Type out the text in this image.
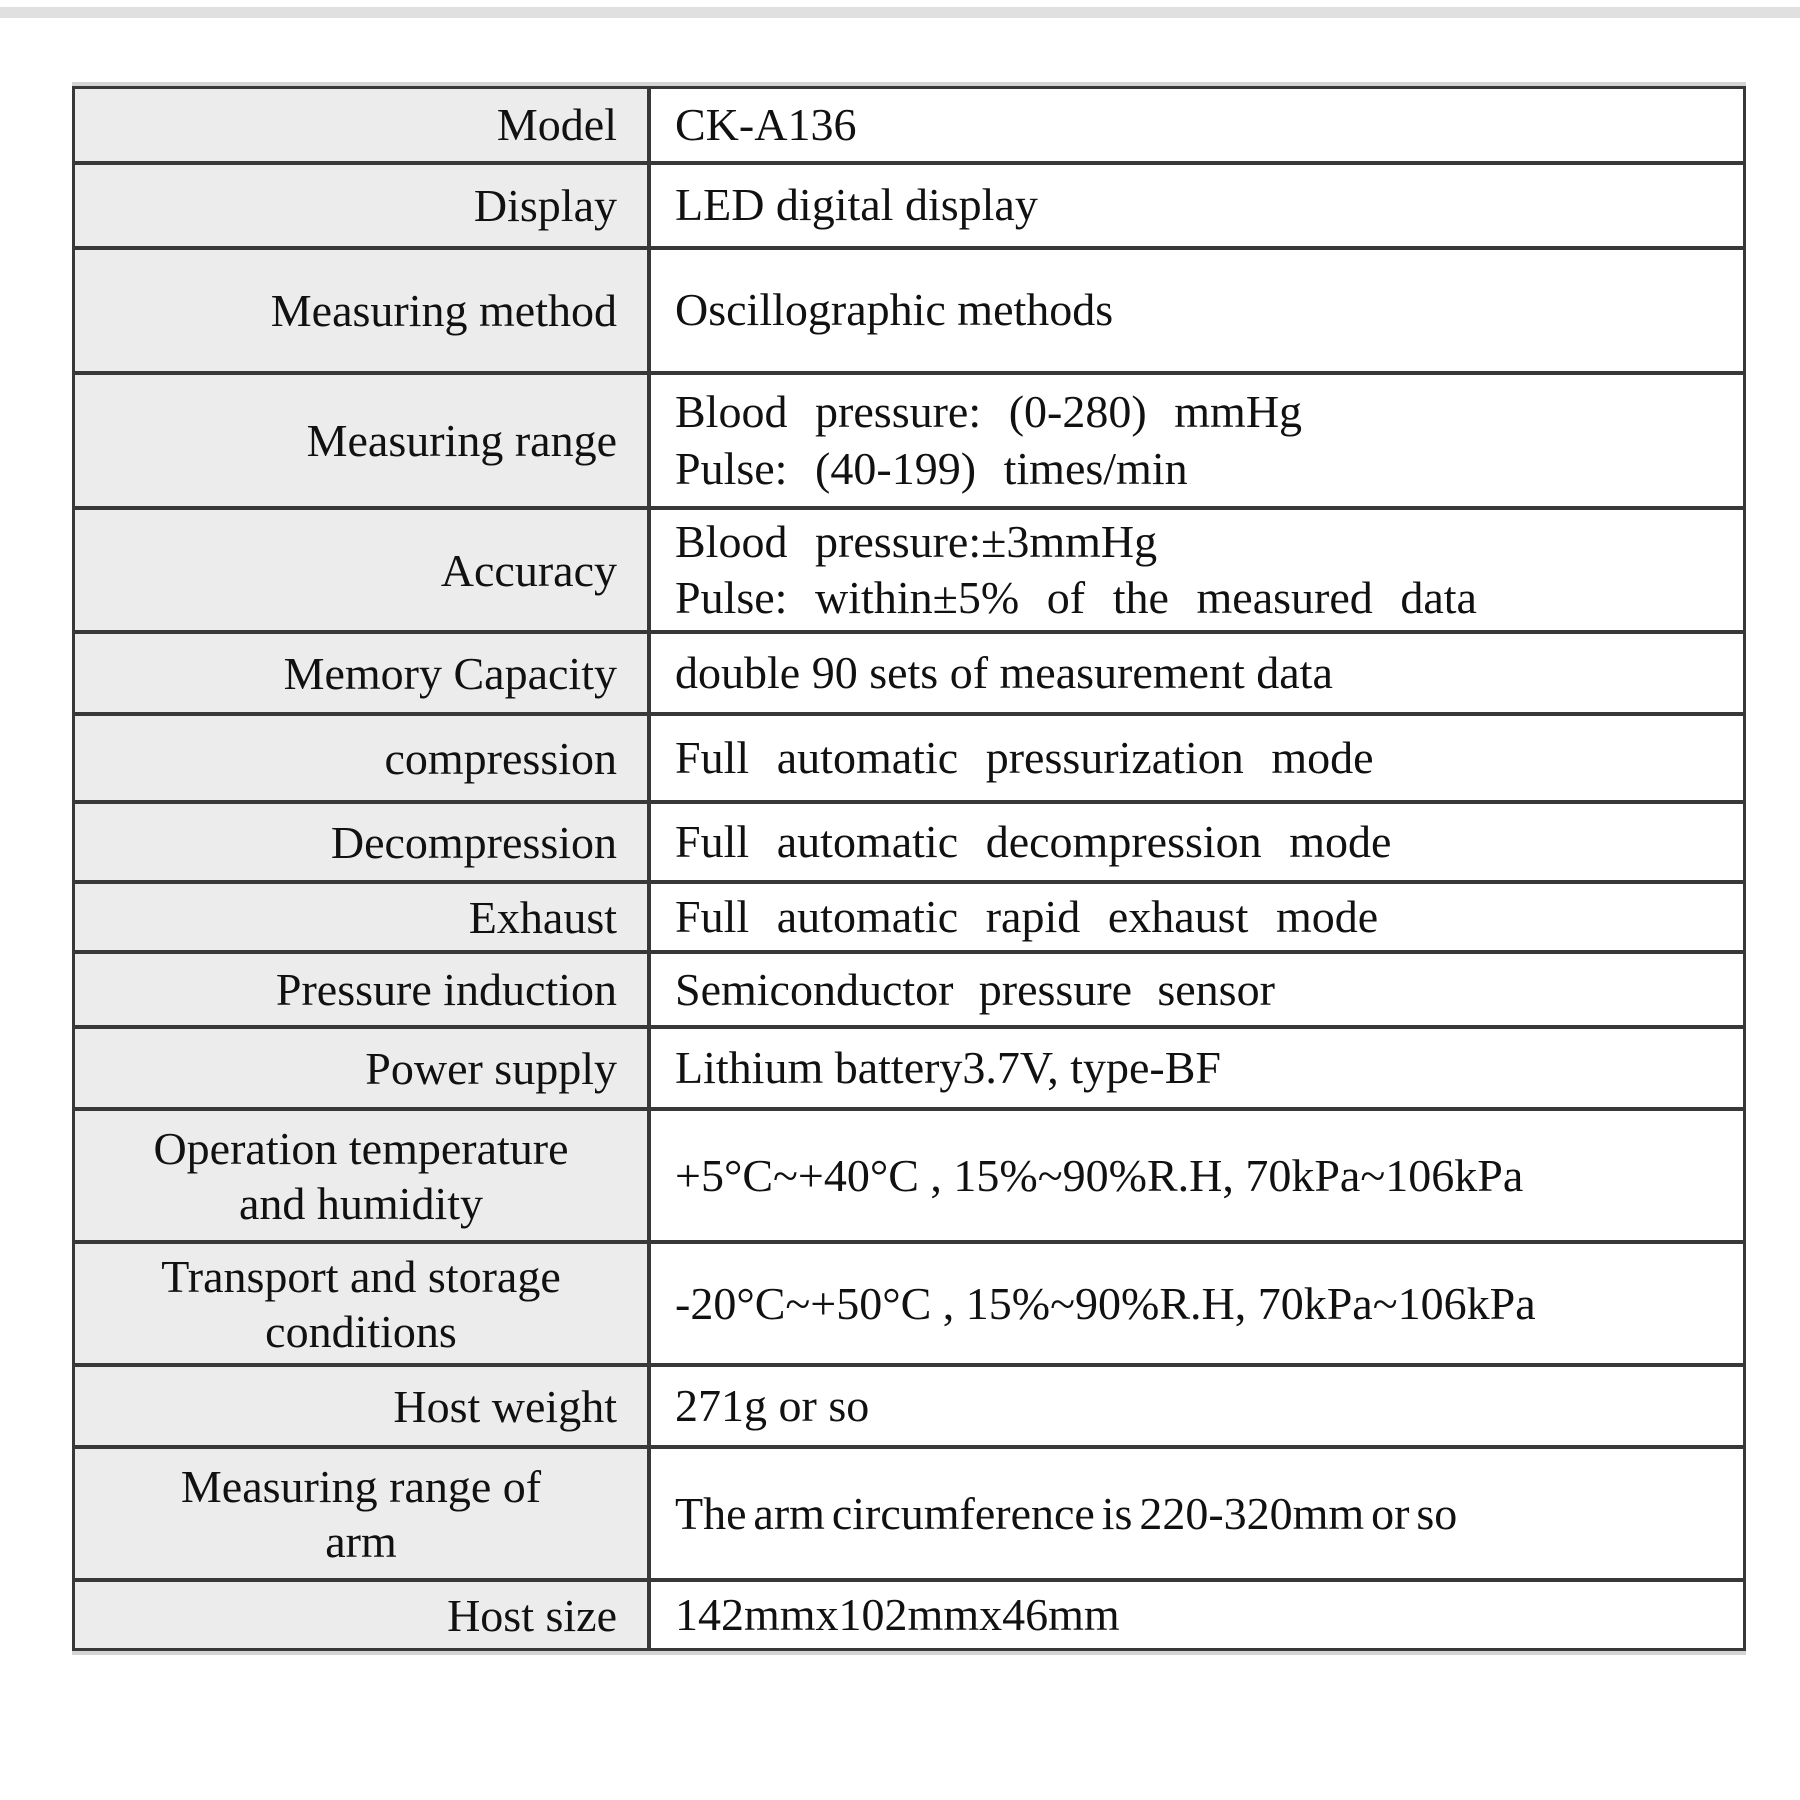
Model CK-A136
Display LED digital display
Measuring method Oscillographic methods
Measuring range
Blood pressure: (0-280) mmHg
Pulse: (40-199) times/min
Accuracy
Blood pressure:±3mmHg
Pulse: within±5% of the measured data
Memory Capacity double 90 sets of measurement data
compression Full automatic pressurization mode
Decompression Full automatic decompression mode
Exhaust Full automatic rapid exhaust mode
Pressure induction Semiconductor pressure sensor
Power supply Lithium battery3.7V, type-BF
Operation temperature
and humidity
+5°C~+40°C , 15%~90%R.H, 70kPa~106kPa
Transport and storage
conditions
-20°C~+50°C , 15%~90%R.H, 70kPa~106kPa
Host weight 271g or so
Measuring range of
arm
The arm circumference is 220-320mm or so
Host size 142mmx102mmx46mm
